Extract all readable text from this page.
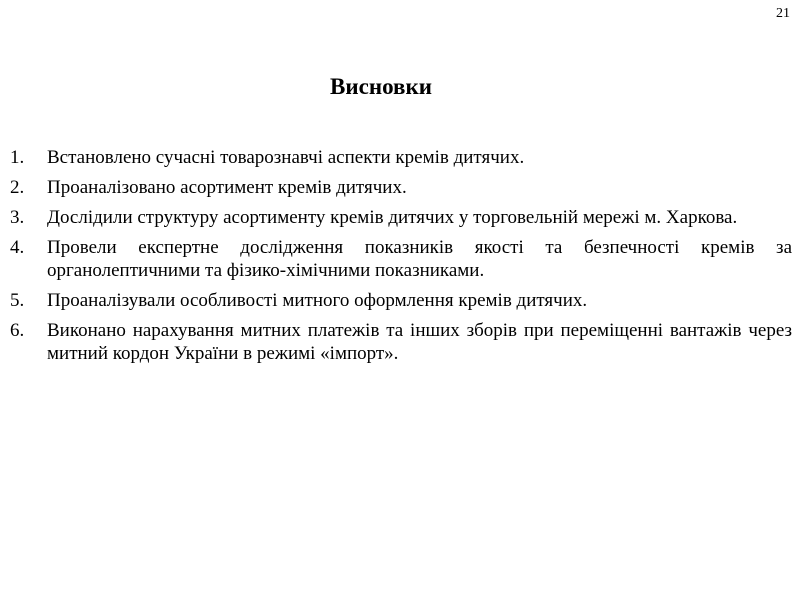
21
Висновки
1.	Встановлено сучасні товарознавчі аспекти кремів дитячих.
2.	Проаналізовано асортимент кремів дитячих.
3.	Дослідили структуру асортименту кремів дитячих у торговельній мережі м. Харкова.
4.	Провели експертне дослідження показників якості та безпечності кремів за органолептичними та фізико-хімічними показниками.
5.	Проаналізували особливості митного оформлення кремів дитячих.
6.	Виконано нарахування митних платежів та інших зборів при переміщенні вантажів через митний кордон України в режимі «імпорт».
